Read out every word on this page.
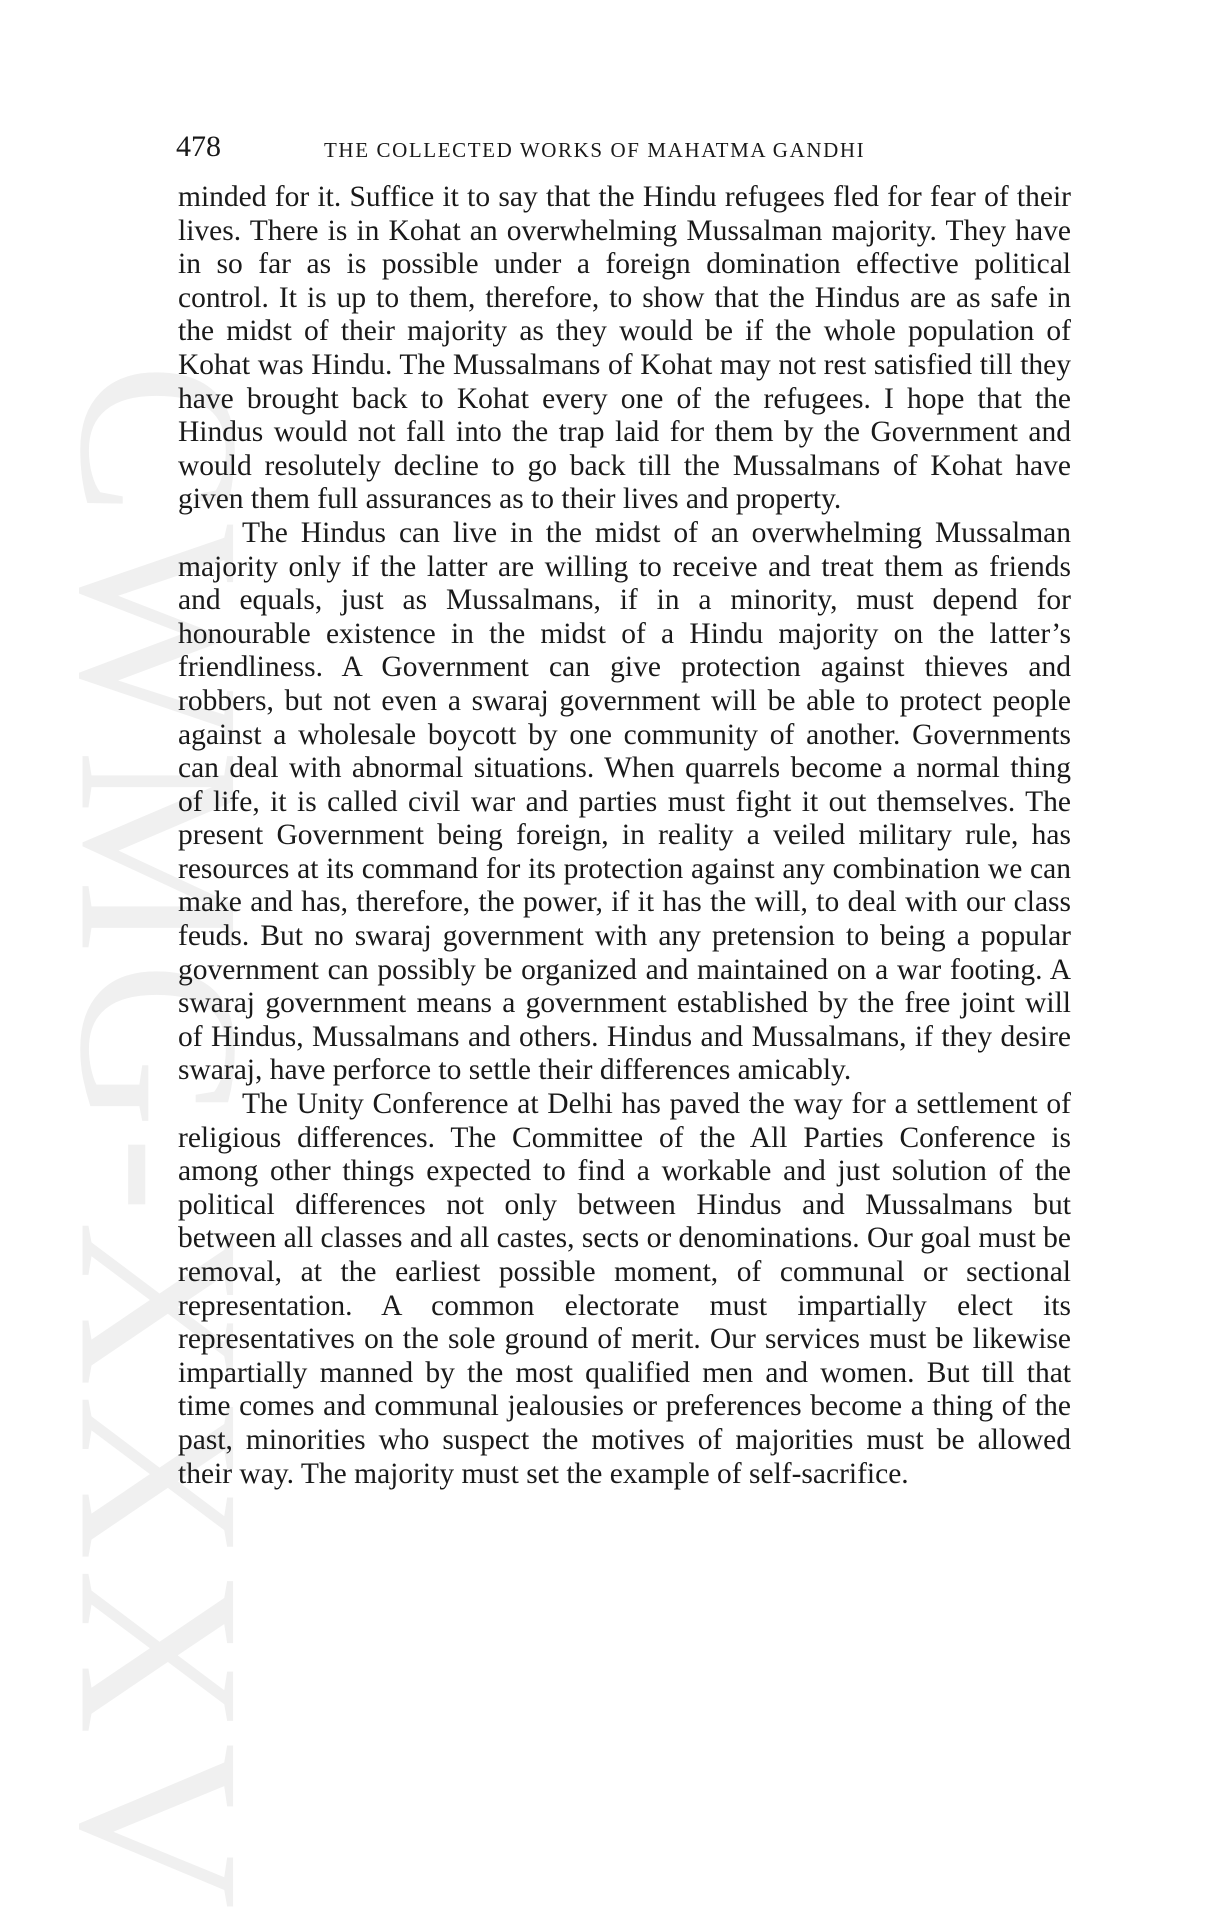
CWMG-XXXV
478	THE COLLECTED WORKS OF MAHATMA GANDHI

minded for it. Suffice it to say that the Hindu refugees fled for fear of their lives. There is in Kohat an overwhelming Mussalman majority. They have in so far as is possible under a foreign domination effective political control. It is up to them, therefore, to show that the Hindus are as safe in the midst of their majority as they would be if the whole population of Kohat was Hindu. The Mussalmans of Kohat may not rest satisfied till they have brought back to Kohat every one of the refugees. I hope that the Hindus would not fall into the trap laid for them by the Government and would resolutely decline to go back till the Mussalmans of Kohat have given them full assurances as to their lives and property.

The Hindus can live in the midst of an overwhelming Mussalman majority only if the latter are willing to receive and treat them as friends and equals, just as Mussalmans, if in a minority, must depend for honourable existence in the midst of a Hindu majority on the latter’s friendliness. A Government can give protection against thieves and robbers, but not even a swaraj government will be able to protect people against a wholesale boycott by one community of another. Governments can deal with abnormal situations. When quarrels become a normal thing of life, it is called civil war and parties must fight it out themselves. The present Government being foreign, in reality a veiled military rule, has resources at its command for its protection against any combination we can make and has, therefore, the power, if it has the will, to deal with our class feuds. But no swaraj government with any pretension to being a popular government can possibly be organized and maintained on a war footing. A swaraj government means a government established by the free joint will of Hindus, Mussalmans and others. Hindus and Mussalmans, if they desire swaraj, have perforce to settle their differences amicably.

The Unity Conference at Delhi has paved the way for a settlement of religious differences. The Committee of the All Parties Conference is among other things expected to find a workable and just solution of the political differences not only between Hindus and Mussalmans but between all classes and all castes, sects or denominations. Our goal must be removal, at the earliest possible moment, of communal or sectional representation. A common electorate must impartially elect its representatives on the sole ground of merit. Our services must be likewise impartially manned by the most qualified men and women. But till that time comes and communal jealousies or preferences become a thing of the past, minorities who suspect the motives of majorities must be allowed their way. The majority must set the example of self-sacrifice.
